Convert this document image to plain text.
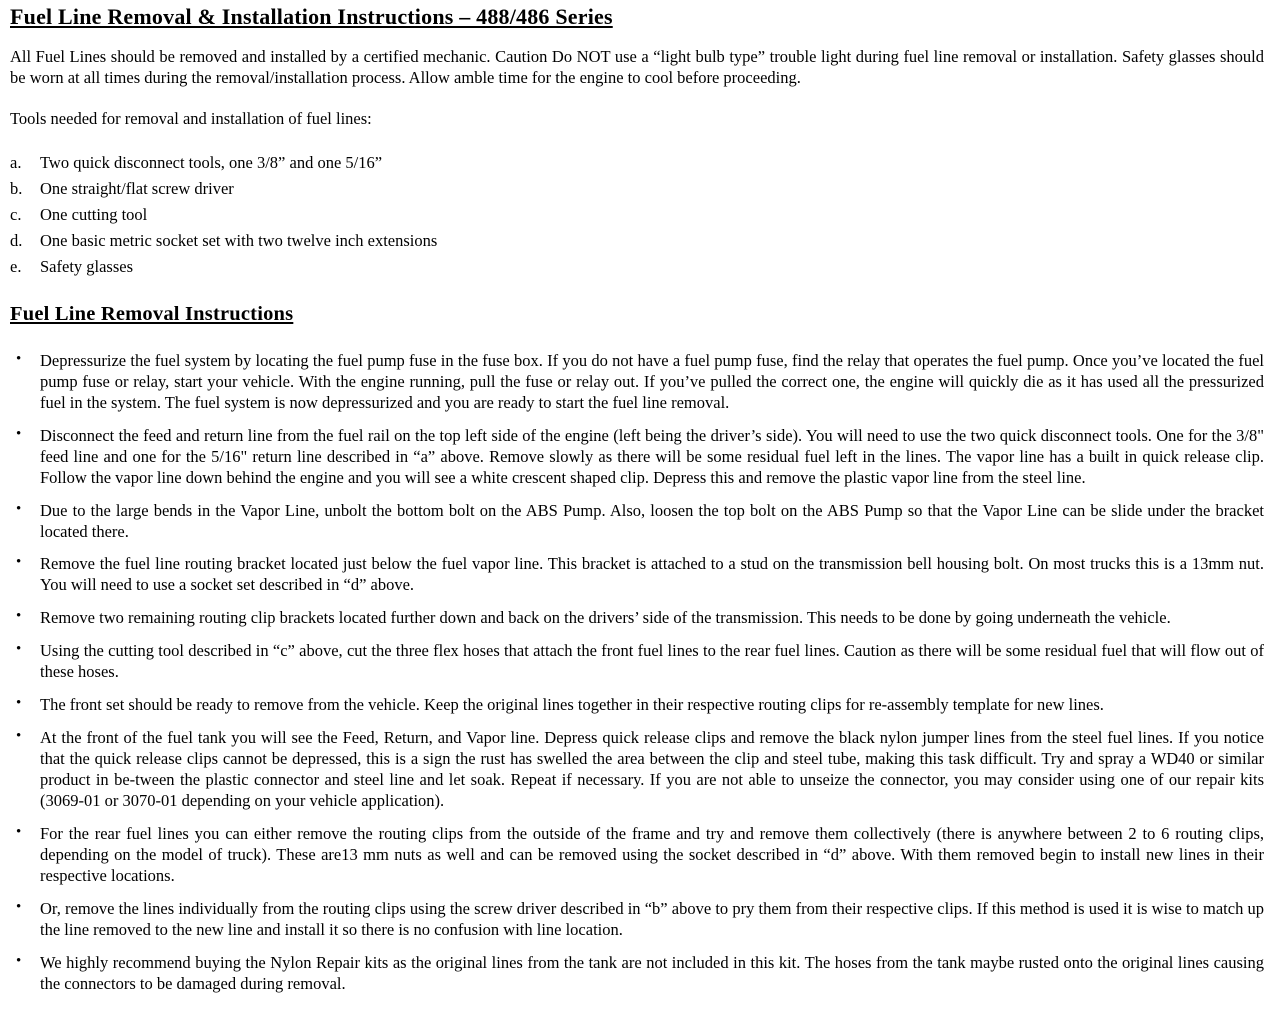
Fuel Line Removal & Installation Instructions – 488/486 Series

All Fuel Lines should be removed and installed by a certified mechanic. Caution Do NOT use a “light bulb type” trouble light during fuel line removal or installation. Safety glasses should be worn at all times during the removal/installation process. Allow amble time for the engine to cool before proceeding.

Tools needed for removal and installation of fuel lines:

a. Two quick disconnect tools, one 3/8” and one 5/16”
b. One straight/flat screw driver
c. One cutting tool
d. One basic metric socket set with two twelve inch extensions
e. Safety glasses
Fuel Line Removal Instructions
• Depressurize the fuel system by locating the fuel pump fuse in the fuse box. If you do not have a fuel pump fuse, find the relay that operates the fuel pump. Once you’ve located the fuel pump fuse or relay, start your vehicle. With the engine running, pull the fuse or relay out. If you’ve pulled the correct one, the engine will quickly die as it has used all the pressurized fuel in the system. The fuel system is now depressurized and you are ready to start the fuel line removal.
• Disconnect the feed and return line from the fuel rail on the top left side of the engine (left being the driver’s side). You will need to use the two quick disconnect tools. One for the 3/8" feed line and one for the 5/16" return line described in “a” above. Remove slowly as there will be some residual fuel left in the lines. The vapor line has a built in quick release clip. Follow the vapor line down behind the engine and you will see a white crescent shaped clip. Depress this and remove the plastic vapor line from the steel line.
• Due to the large bends in the Vapor Line, unbolt the bottom bolt on the ABS Pump. Also, loosen the top bolt on the ABS Pump so that the Vapor Line can be slide under the bracket located there.
• Remove the fuel line routing bracket located just below the fuel vapor line. This bracket is attached to a stud on the transmission bell housing bolt. On most trucks this is a 13mm nut. You will need to use a socket set described in “d” above.
• Remove two remaining routing clip brackets located further down and back on the drivers’ side of the transmission. This needs to be done by going underneath the vehicle.
• Using the cutting tool described in “c” above, cut the three flex hoses that attach the front fuel lines to the rear fuel lines. Caution as there will be some residual fuel that will flow out of these hoses.
• The front set should be ready to remove from the vehicle. Keep the original lines together in their respective routing clips for re-assembly template for new lines.
• At the front of the fuel tank you will see the Feed, Return, and Vapor line. Depress quick release clips and remove the black nylon jumper lines from the steel fuel lines. If you notice that the quick release clips cannot be depressed, this is a sign the rust has swelled the area between the clip and steel tube, making this task difficult. Try and spray a WD40 or similar product in be-tween the plastic connector and steel line and let soak. Repeat if necessary. If you are not able to unseize the connector, you may consider using one of our repair kits (3069-01 or 3070-01 depending on your vehicle application).
• For the rear fuel lines you can either remove the routing clips from the outside of the frame and try and remove them collectively (there is anywhere between 2 to 6 routing clips, depending on the model of truck). These are13 mm nuts as well and can be removed using the socket described in “d” above. With them removed begin to install new lines in their respective locations.
• Or, remove the lines individually from the routing clips using the screw driver described in “b” above to pry them from their respective clips. If this method is used it is wise to match up the line removed to the new line and install it so there is no confusion with line location.
• We highly recommend buying the Nylon Repair kits as the original lines from the tank are not included in this kit. The hoses from the tank maybe rusted onto the original lines causing the connectors to be damaged during removal.
